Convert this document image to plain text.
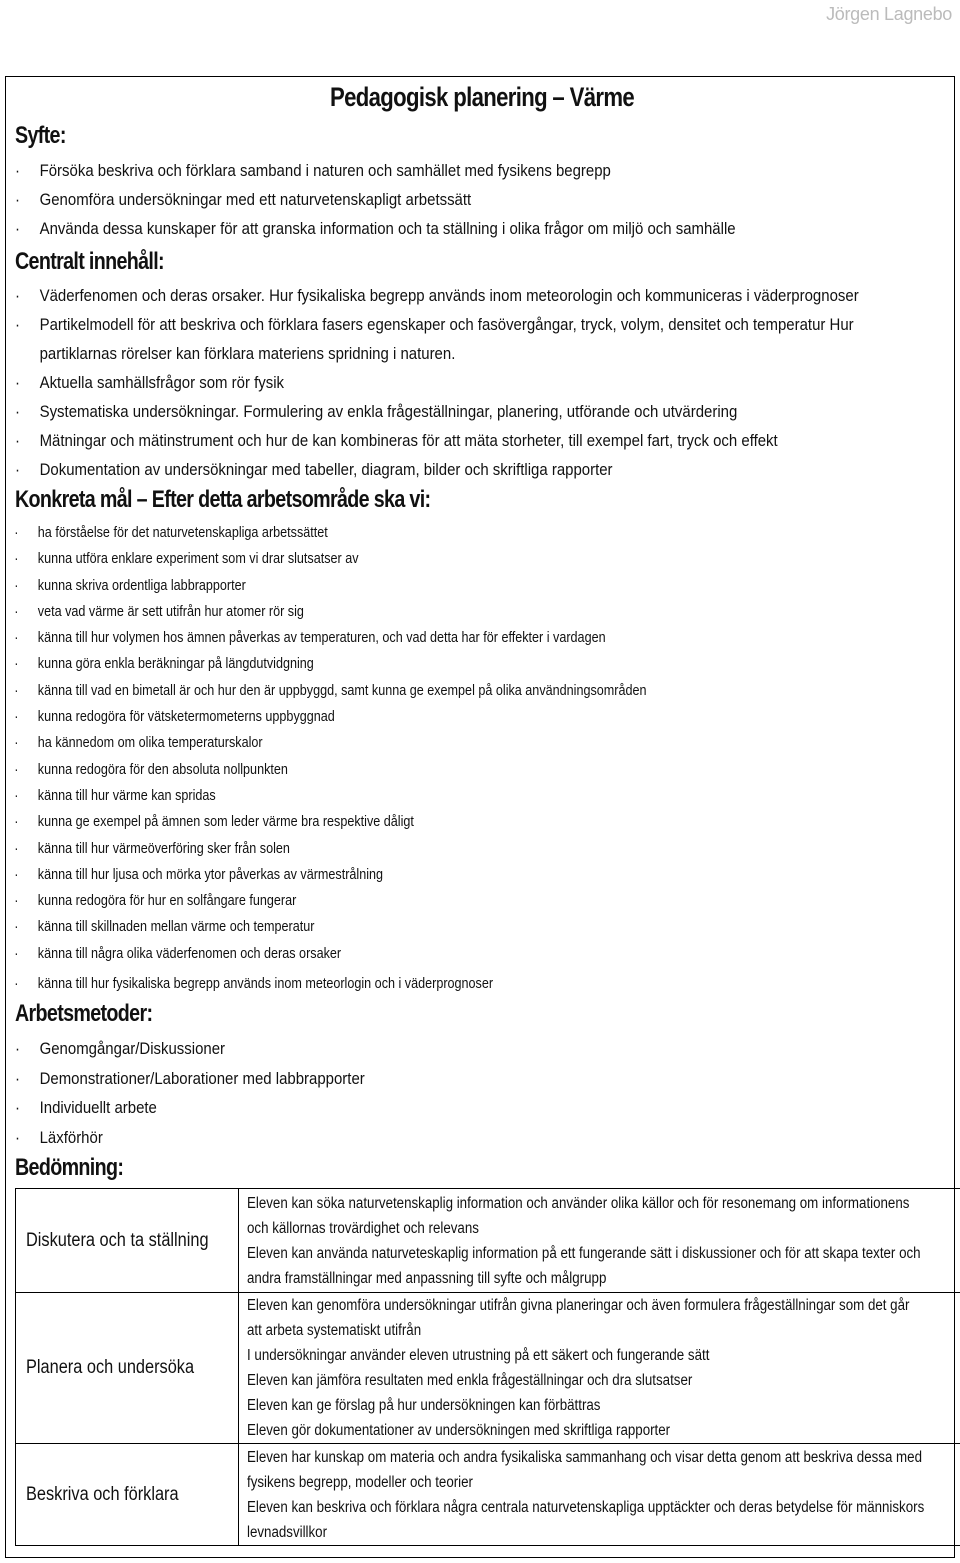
Jörgen Lagnebo
Pedagogisk planering – Värme
Syfte:
· Försöka beskriva och förklara samband i naturen och samhället med fysikens begrepp
· Genomföra undersökningar med ett naturvetenskapligt arbetssätt
· Använda dessa kunskaper för att granska information och ta ställning i olika frågor om miljö och samhälle
Centralt innehåll:
· Väderfenomen och deras orsaker. Hur fysikaliska begrepp används inom meteorologin och kommuniceras i väderprognoser
· Partikelmodell för att beskriva och förklara fasers egenskaper och fasövergångar, tryck, volym, densitet och temperatur Hur partiklarnas rörelser kan förklara materiens spridning i naturen.
· Aktuella samhällsfrågor som rör fysik
· Systematiska undersökningar. Formulering av enkla frågeställningar, planering, utförande och utvärdering
· Mätningar och mätinstrument och hur de kan kombineras för att mäta storheter, till exempel fart, tryck och effekt
· Dokumentation av undersökningar med tabeller, diagram, bilder och skriftliga rapporter
Konkreta mål – Efter detta arbetsområde ska vi:
· ha förståelse för det naturvetenskapliga arbetssättet
· kunna utföra enklare experiment som vi drar slutsatser av
· kunna skriva ordentliga labbrapporter
· veta vad värme är sett utifrån hur atomer rör sig
· känna till hur volymen hos ämnen påverkas av temperaturen, och vad detta har för effekter i vardagen
· kunna göra enkla beräkningar på längdutvidgning
· känna till vad en bimetall är och hur den är uppbyggd, samt kunna ge exempel på olika användningsområden
· kunna redogöra för vätsketermometerns uppbyggnad
· ha kännedom om olika temperaturskalor
· kunna redogöra för den absoluta nollpunkten
· känna till hur värme kan spridas
· kunna ge exempel på ämnen som leder värme bra respektive dåligt
· känna till hur värmeöverföring sker från solen
· känna till hur ljusa och mörka ytor påverkas av värmestrålning
· kunna redogöra för hur en solfångare fungerar
· känna till skillnaden mellan värme och temperatur
· känna till några olika väderfenomen och deras orsaker
· känna till hur fysikaliska begrepp används inom meteorlogin och i väderprognoser
Arbetsmetoder:
· Genomgångar/Diskussioner
· Demonstrationer/Laborationer med labbrapporter
· Individuellt arbete
· Läxförhör
Bedömning:
Diskutera och ta ställning	Eleven kan söka naturvetenskaplig information och använder olika källor och för resonemang om informationens och källornas trovärdighet och relevans

Eleven kan använda naturveteskaplig information på ett fungerande sätt i diskussioner och för att skapa texter och andra framställningar med anpassning till syfte och målgrupp

Planera och undersöka	Eleven kan genomföra undersökningar utifrån givna planeringar och även formulera frågeställningar som det går att arbeta systematiskt utifrån

I undersökningar använder eleven utrustning på ett säkert och fungerande sätt

Eleven kan jämföra resultaten med enkla frågeställningar och dra slutsatser

Eleven kan ge förslag på hur undersökningen kan förbättras

Eleven gör dokumentationer av undersökningen med skriftliga rapporter

Beskriva och förklara	Eleven har kunskap om materia och andra fysikaliska sammanhang och visar detta genom att beskriva dessa med fysikens begrepp, modeller och teorier

Eleven kan beskriva och förklara några centrala naturvetenskapliga upptäckter och deras betydelse för människors levnadsvillkor
